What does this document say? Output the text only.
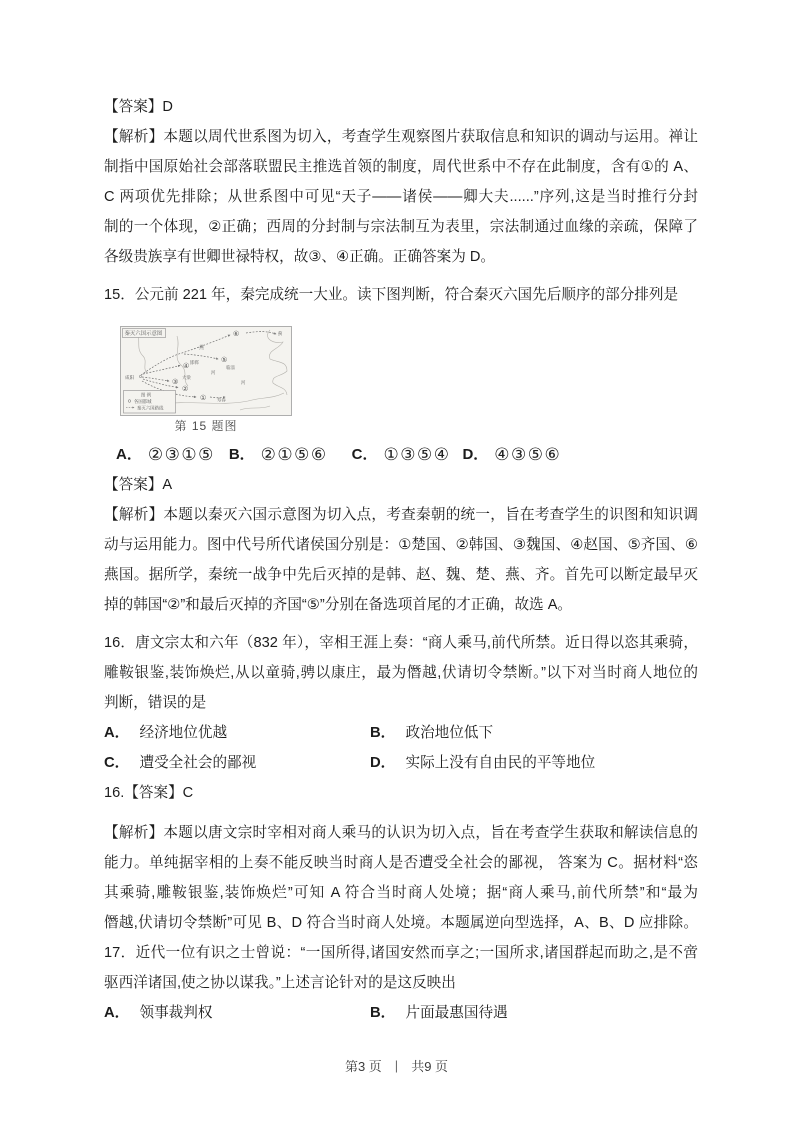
【答案】D
【解析】本题以周代世系图为切入，考查学生观察图片获取信息和知识的调动与运用。禅让
制指中国原始社会部落联盟民主推选首领的制度，周代世系中不存在此制度，含有①的 A、
C 两项优先排除；从世系图中可见“天子——诸侯——卿大夫......”序列,这是当时推行分封
制的一个体现，②正确；西周的分封制与宗法制互为表里，宗法制通过血缘的亲疏，保障了
各级贵族享有世卿世禄特权，故③、④正确。正确答案为 D。
15．公元前 221 年，秦完成统一大业。读下图判断，符合秦灭六国先后顺序的部分排列是
秦灭六国示意图
①
②
③
④
⑤
⑥
咸阳
燕
蓟
邯郸
临淄
大梁
寿春
河
河
图 例
各国都城
秦灭六国路线
第 15 题图
A． ②③①⑤ B． ②①⑤⑥ C． ①③⑤④ D． ④③⑤⑥
【答案】A
【解析】本题以秦灭六国示意图为切入点，考查秦朝的统一，旨在考查学生的识图和知识调
动与运用能力。图中代号所代诸侯国分别是：①楚国、②韩国、③魏国、④赵国、⑤齐国、⑥
燕国。据所学，秦统一战争中先后灭掉的是韩、赵、魏、楚、燕、齐。首先可以断定最早灭
掉的韩国“②”和最后灭掉的齐国“⑤”分别在备选项首尾的才正确，故选 A。
16．唐文宗太和六年（832 年），宰相王涯上奏：“商人乘马,前代所禁。近日得以恣其乘骑，
雕鞍银鉴,装饰焕烂,从以童骑,骋以康庄，最为僭越,伏请切令禁断。”以下对当时商人地位的
判断，错误的是
A． 经济地位优越	B． 政治地位低下
C． 遭受全社会的鄙视	D． 实际上没有自由民的平等地位
16.【答案】C
【解析】本题以唐文宗时宰相对商人乘马的认识为切入点，旨在考查学生获取和解读信息的
能力。单纯据宰相的上奏不能反映当时商人是否遭受全社会的鄙视， 答案为 C。据材料“恣
其乘骑,雕鞍银鉴,装饰焕烂”可知 A 符合当时商人处境；据“商人乘马,前代所禁”和“最为
僭越,伏请切令禁断”可见 B、D 符合当时商人处境。本题属逆向型选择，A、B、D 应排除。
17．近代一位有识之士曾说：“一国所得,诸国安然而享之;一国所求,诸国群起而助之,是不啻
驱西洋诸国,使之协以谋我。”上述言论针对的是这反映出
A． 领事裁判权	B． 片面最惠国待遇
第3 页 | 共9 页
